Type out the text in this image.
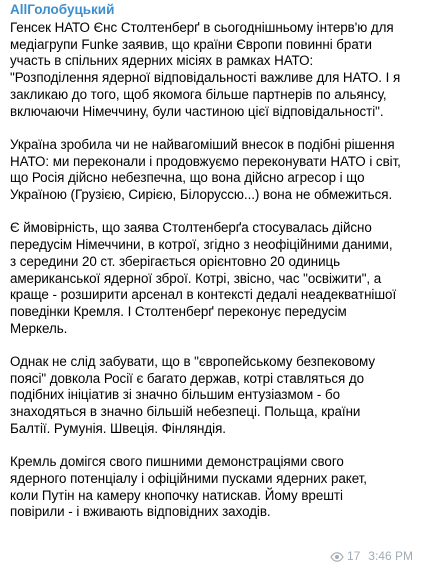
AllГолобуцький
Генсек НАТО Єнс Столтенберґ в сьогоднішньому інтерв'ю для
медіагрупи Funke заявив, що країни Європи повинні брати
участь в спільних ядерних місіях в рамках НАТО:
"Розподілення ядерної відповідальності важливе для НАТО. І я
закликаю до того, щоб якомога більше партнерів по альянсу,
включаючи Німеччину, були частиною цієї відповідальності".
Україна зробила чи не найвагоміший внесок в подібні рішення
НАТО: ми переконали і продовжуємо переконувати НАТО і світ,
що Росія дійсно небезпечна, що вона дійсно агресор і що
Україною (Грузією, Сирією, Білоруссю...) вона не обмежиться.
Є ймовірність, що заява Столтенберґа стосувалась дійсно
передусім Німеччини, в котрої, згідно з неофіційними даними,
з середини 20 ст. зберігається орієнтовно 20 одиниць
американської ядерної зброї. Котрі, звісно, час "освіжити", а
краще - розширити арсенал в контексті дедалі неадекватнішої
поведінки Кремля. І Столтенберґ переконує передусім
Меркель.
Однак не слід забувати, що в "європейському безпековому
поясі" довкола Росії є багато держав, котрі ставляться до
подібних ініціатив зі значно більшим ентузіазмом - бо
знаходяться в значно більшій небезпеці. Польща, країни
Балтії. Румунія. Швеція. Фінляндія.
Кремль домігся свого пишними демонстраціями свого
ядерного потенціалу і офіційними пусками ядерних ракет,
коли Путін на камеру кнопочку натискав. Йому врешті
повірили - і вживають відповідних заходів.
17 3:46 PM
